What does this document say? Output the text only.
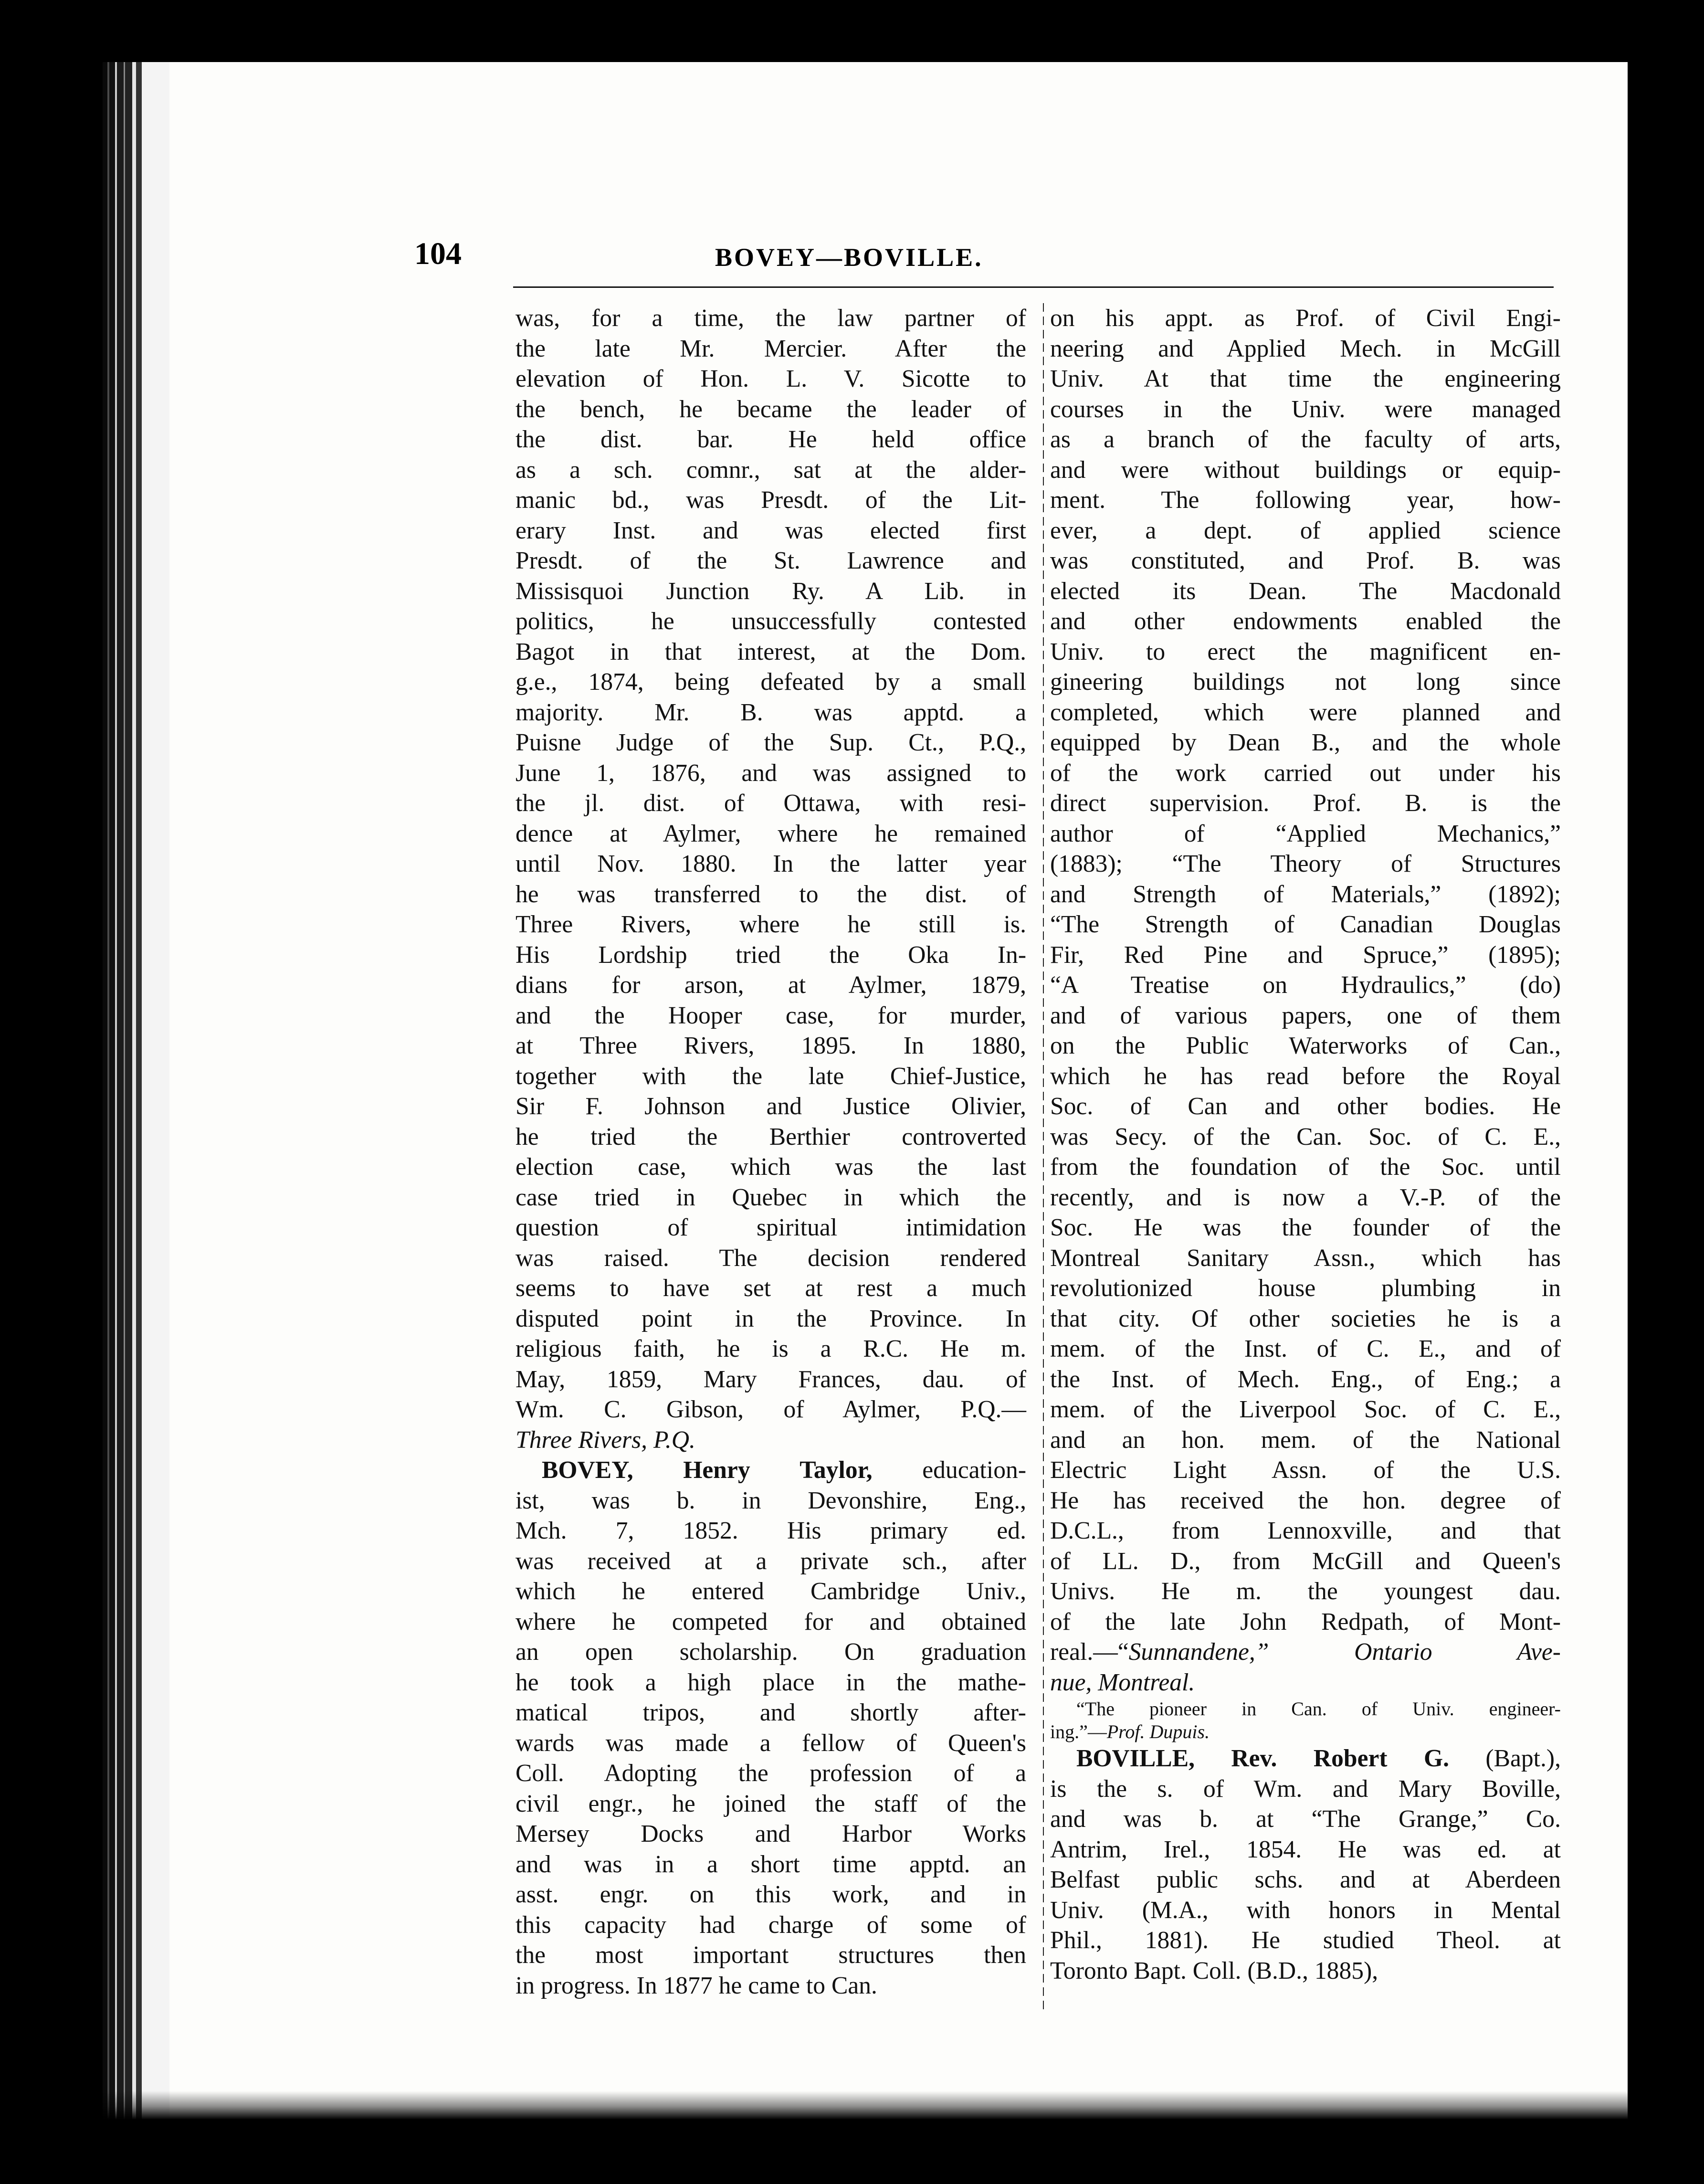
104	BOVEY—BOVILLE.
was, for a time, the law partner of
the late Mr. Mercier. After the
elevation of Hon. L. V. Sicotte to
the bench, he became the leader of
the dist. bar. He held office
as a sch. comnr., sat at the alder-
manic bd., was Presdt. of the Lit-
erary Inst. and was elected first
Presdt. of the St. Lawrence and
Missisquoi Junction Ry. A Lib. in
politics, he unsuccessfully contested
Bagot in that interest, at the Dom.
g.e., 1874, being defeated by a small
majority. Mr. B. was apptd. a
Puisne Judge of the Sup. Ct., P.Q.,
June 1, 1876, and was assigned to
the jl. dist. of Ottawa, with resi-
dence at Aylmer, where he remained
until Nov. 1880. In the latter year
he was transferred to the dist. of
Three Rivers, where he still is.
His Lordship tried the Oka In-
dians for arson, at Aylmer, 1879,
and the Hooper case, for murder,
at Three Rivers, 1895. In 1880,
together with the late Chief-Justice,
Sir F. Johnson and Justice Olivier,
he tried the Berthier controverted
election case, which was the last
case tried in Quebec in which the
question of spiritual intimidation
was raised. The decision rendered
seems to have set at rest a much
disputed point in the Province. In
religious faith, he is a R.C. He m.
May, 1859, Mary Frances, dau. of
Wm. C. Gibson, of Aylmer, P.Q.—
Three Rivers, P.Q.
BOVEY, Henry Taylor, education-
ist, was b. in Devonshire, Eng.,
Mch. 7, 1852. His primary ed.
was received at a private sch., after
which he entered Cambridge Univ.,
where he competed for and obtained
an open scholarship. On graduation
he took a high place in the mathe-
matical tripos, and shortly after-
wards was made a fellow of Queen's
Coll. Adopting the profession of a
civil engr., he joined the staff of the
Mersey Docks and Harbor Works
and was in a short time apptd. an
asst. engr. on this work, and in
this capacity had charge of some of
the most important structures then
in progress. In 1877 he came to Can.
on his appt. as Prof. of Civil Engi-
neering and Applied Mech. in McGill
Univ. At that time the engineering
courses in the Univ. were managed
as a branch of the faculty of arts,
and were without buildings or equip-
ment. The following year, how-
ever, a dept. of applied science
was constituted, and Prof. B. was
elected its Dean. The Macdonald
and other endowments enabled the
Univ. to erect the magnificent en-
gineering buildings not long since
completed, which were planned and
equipped by Dean B., and the whole
of the work carried out under his
direct supervision. Prof. B. is the
author of “Applied Mechanics,”
(1883); “The Theory of Structures
and Strength of Materials,” (1892);
“The Strength of Canadian Douglas
Fir, Red Pine and Spruce,” (1895);
“A Treatise on Hydraulics,” (do)
and of various papers, one of them
on the Public Waterworks of Can.,
which he has read before the Royal
Soc. of Can and other bodies. He
was Secy. of the Can. Soc. of C. E.,
from the foundation of the Soc. until
recently, and is now a V.-P. of the
Soc. He was the founder of the
Montreal Sanitary Assn., which has
revolutionized house plumbing in
that city. Of other societies he is a
mem. of the Inst. of C. E., and of
the Inst. of Mech. Eng., of Eng.; a
mem. of the Liverpool Soc. of C. E.,
and an hon. mem. of the National
Electric Light Assn. of the U.S.
He has received the hon. degree of
D.C.L., from Lennoxville, and that
of LL. D., from McGill and Queen's
Univs. He m. the youngest dau.
of the late John Redpath, of Mont-
real.—“Sunnandene,” Ontario Ave-
nue, Montreal.
“The pioneer in Can. of Univ. engineer-
ing.”—Prof. Dupuis.
BOVILLE, Rev. Robert G. (Bapt.),
is the s. of Wm. and Mary Boville,
and was b. at “The Grange,” Co.
Antrim, Irel., 1854. He was ed. at
Belfast public schs. and at Aberdeen
Univ. (M.A., with honors in Mental
Phil., 1881). He studied Theol. at
Toronto Bapt. Coll. (B.D., 1885),
